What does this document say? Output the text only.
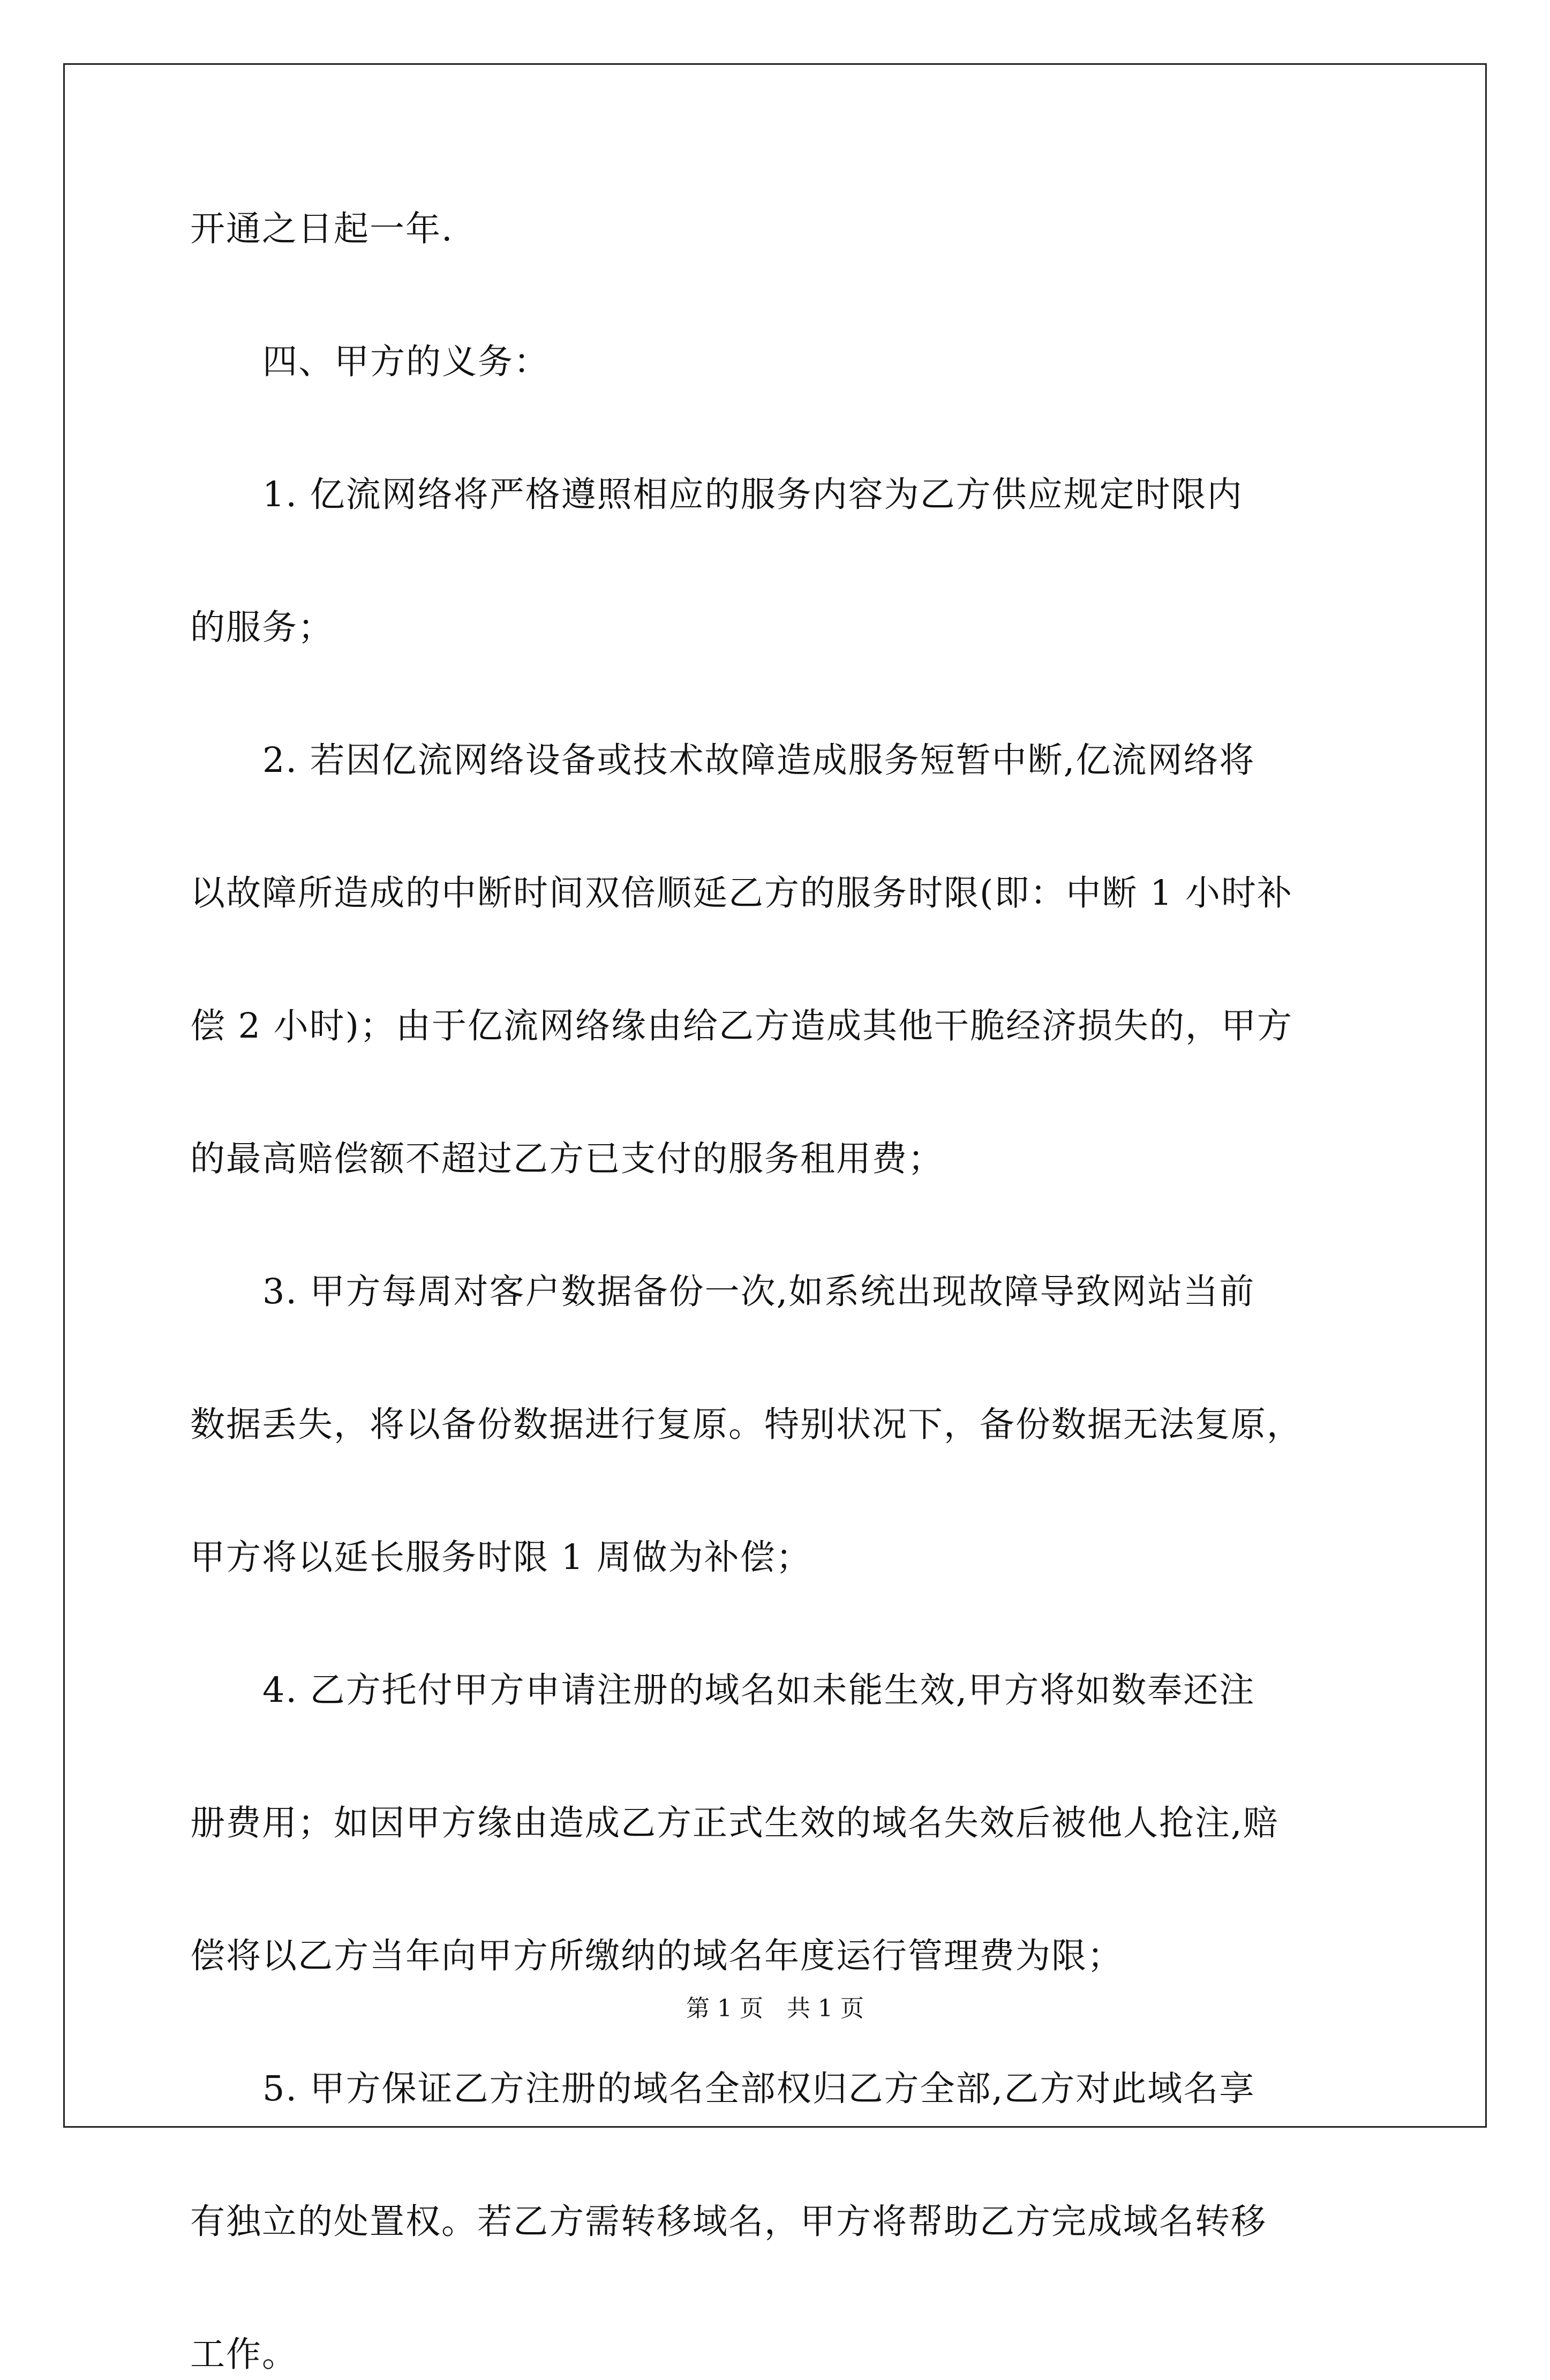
开通之日起一年.
四、甲方的义务：
1. 亿流网络将严格遵照相应的服务内容为乙方供应规定时限内
的服务；
2. 若因亿流网络设备或技术故障造成服务短暂中断,亿流网络将
以故障所造成的中断时间双倍顺延乙方的服务时限(即：中断 1 小时补
偿 2 小时)；由于亿流网络缘由给乙方造成其他干脆经济损失的，甲方
的最高赔偿额不超过乙方已支付的服务租用费；
3. 甲方每周对客户数据备份一次,如系统出现故障导致网站当前
数据丢失，将以备份数据进行复原。特别状况下，备份数据无法复原，
甲方将以延长服务时限 1 周做为补偿；
4. 乙方托付甲方申请注册的域名如未能生效,甲方将如数奉还注
册费用；如因甲方缘由造成乙方正式生效的域名失效后被他人抢注,赔
偿将以乙方当年向甲方所缴纳的域名年度运行管理费为限；
5. 甲方保证乙方注册的域名全部权归乙方全部,乙方对此域名享
有独立的处置权。若乙方需转移域名，甲方将帮助乙方完成域名转移
工作。
第 1 页　共 1 页
